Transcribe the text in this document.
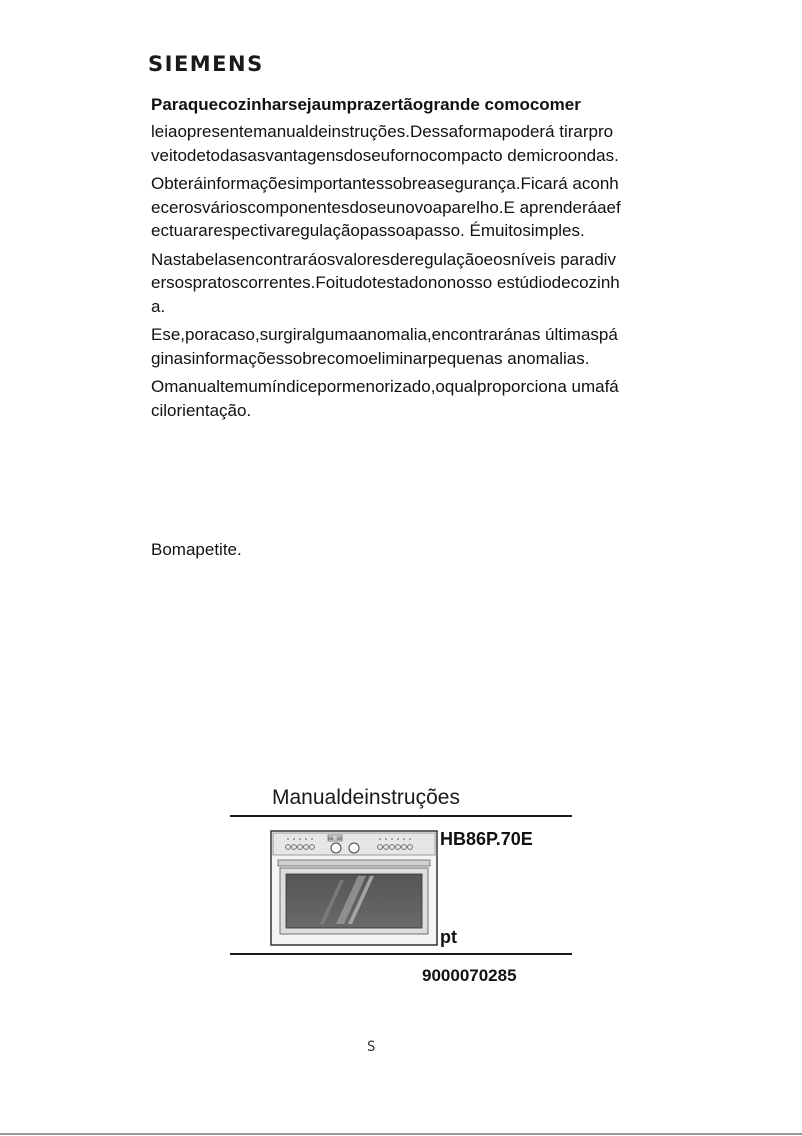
SIEMENS

Paraquecozinharsejaumprazertãogrande comocomer

leiaopresentemanualdeinstruções.Dessaformapoderá tirarproveitodetodasasvantagensdoseufornocompacto demicroondas.

Obteráinformaçõesimportantessobreasegurança.Ficará aconhecerosvárioscomponentesdoseunovoaparelho.E aprenderáaefectuararespectivaregulaçãopassoapasso. Émuitosimples.

Nastabelasencontraráosvaloresderegulaçãoeosníveis paradiversospratoscorrentes.Foitudotestadononosso estúdiodecozinha.

Ese,poracaso,surgiralgumaanomalia,encontraránas últimaspáginasinformaçõessobrecomoeliminarpequenas anomalias.

Omanualtemumíndicepormenorizado,oqualproporciona umafácilorientação.

Bomapetite.
Manualdeinstruções
00:00	HB86P.70E
pt
9000070285
S
